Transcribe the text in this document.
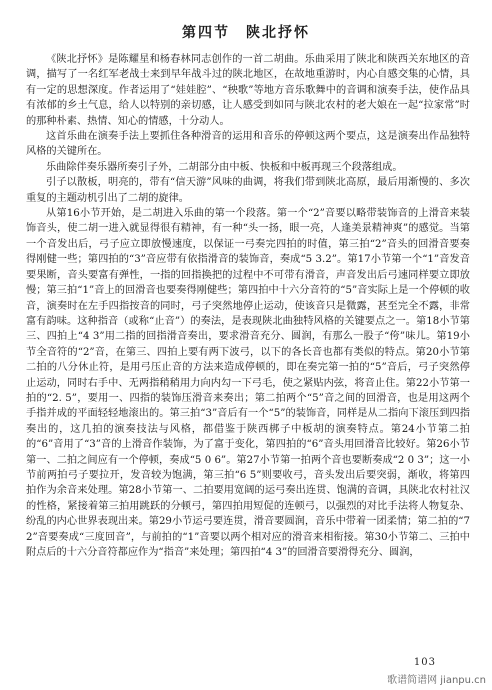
第四节　陕北抒怀

《陕北抒怀》是陈耀星和杨春林同志创作的一首二胡曲。乐曲采用了陕北和陕西关东地区的音调，描写了一名红军老战士来到早年战斗过的陕北地区，在故地重游时，内心自感交集的心情，具有一定的思想深度。作者运用了“娃娃腔”、“秧歌”等地方音乐歌舞中的音调和演奏手法，使作品具有浓郁的乡土气息，给人以特别的亲切感，让人感受到如同与陕北农村的老大娘在一起“拉家常”时的那种朴素、热情、知心的情感，十分动人。

这首乐曲在演奏手法上要抓住各种滑音的运用和音乐的停顿这两个要点，这是演奏出作品独特风格的关键所在。

乐曲除伴奏乐器所奏引子外，二胡部分由中板、快板和中板再现三个段落组成。

引子以散板，明亮的，带有“信天游”风味的曲调，将我们带到陕北高原，最后用渐慢的、多次重复的主题动机引出了二胡的旋律。

从第16小节开始，是二胡进入乐曲的第一个段落。第一个“2”音要以略带装饰音的上滑音来装饰音头，使二胡一进入就显得很有精神，有一种“头一扬，眼一亮，人逢美景精神爽”的感觉。当第一个音发出后，弓子应立即放慢速度，以保证一弓奏完四拍的时值，第三拍“2”音头的回滑音要奏得刚健一些；第四拍的“3”音应带有依指滑音的装饰音，奏成“5 3.2”。第17小节第一个“1”音发音要果断，音头要富有弹性，一指的回指换把的过程中不可带有滑音，声音发出后弓速同样要立即放慢；第三拍“1”音上的回滑音也要奏得刚健些；第四拍中十六分音符的“5”音实际上是一个停顿的收音，演奏时在左手四指按音的同时，弓子突然地停止运动，使该音只是微露，甚至完全不露，非常富有韵味。这种指音（或称“止音”）的奏法，是表现陕北曲独特风格的关键要点之一。第18小节第三、四拍上“4 3”用二指的回指滑音奏出，要求滑音充分、圆润，有那么一股子“侉”味儿。第19小节全音符的“2”音，在第三、四拍上要有两下波弓，以下的各长音也都有类似的特点。第20小节第二拍的八分休止符，是用弓压止音的方法来造成停顿的，即在奏完第一拍的“5”音后，弓子突然停止运动，同时右手中、无两指稍稍用力向内勾一下弓毛，使之紧贴内弦，将音止住。第22小节第一拍的“2. 5”，要用一、四指的装饰压滑音来奏出；第二拍两个“5”音之间的回滑音，也是用这两个手指并成的平面轻轻地滚出的。第三拍“3”音后有一个“5”的装饰音，同样是从二指向下滚压到四指奏出的，这几拍的演奏技法与风格，都借鉴于陕西梆子中板胡的演奏特点。第24小节第二拍的“6”音用了“3”音的上滑音作装饰，为了富于变化，第四拍的“6”音头用回滑音比较好。第26小节第一、二拍之间应有一个停顿，奏成“5 0 6”。第27小节第一拍两个音也要断奏成“2 0 3”；这一小节前两拍弓子要拉开，发音较为饱满，第三拍“6 5”则要收弓，音头发出后要突弱，渐收，将第四拍作为余音来处理。第28小节第一、二拍要用宽阔的运弓奏出连贯、饱满的音调，具陕北农村社汉的性格，紧接着第三拍用跳跃的分顿弓，第四拍用短促的连顿弓，以强烈的对比手法将人物复杂、纷乱的内心世界表现出来。第29小节运弓要连贯，滑音要圆润，音乐中带着一团柔情；第二拍的“7 2”音要奏成“三度回音”，与前拍的“1”音要以两个相对应的滑音来相衔接。第30小节第二、三拍中附点后的十六分音符都应作为“指音”来处理；第四拍“4 3”的回滑音要滑得充分、圆润，

103
歌谱简谱网 jianpu.cn
